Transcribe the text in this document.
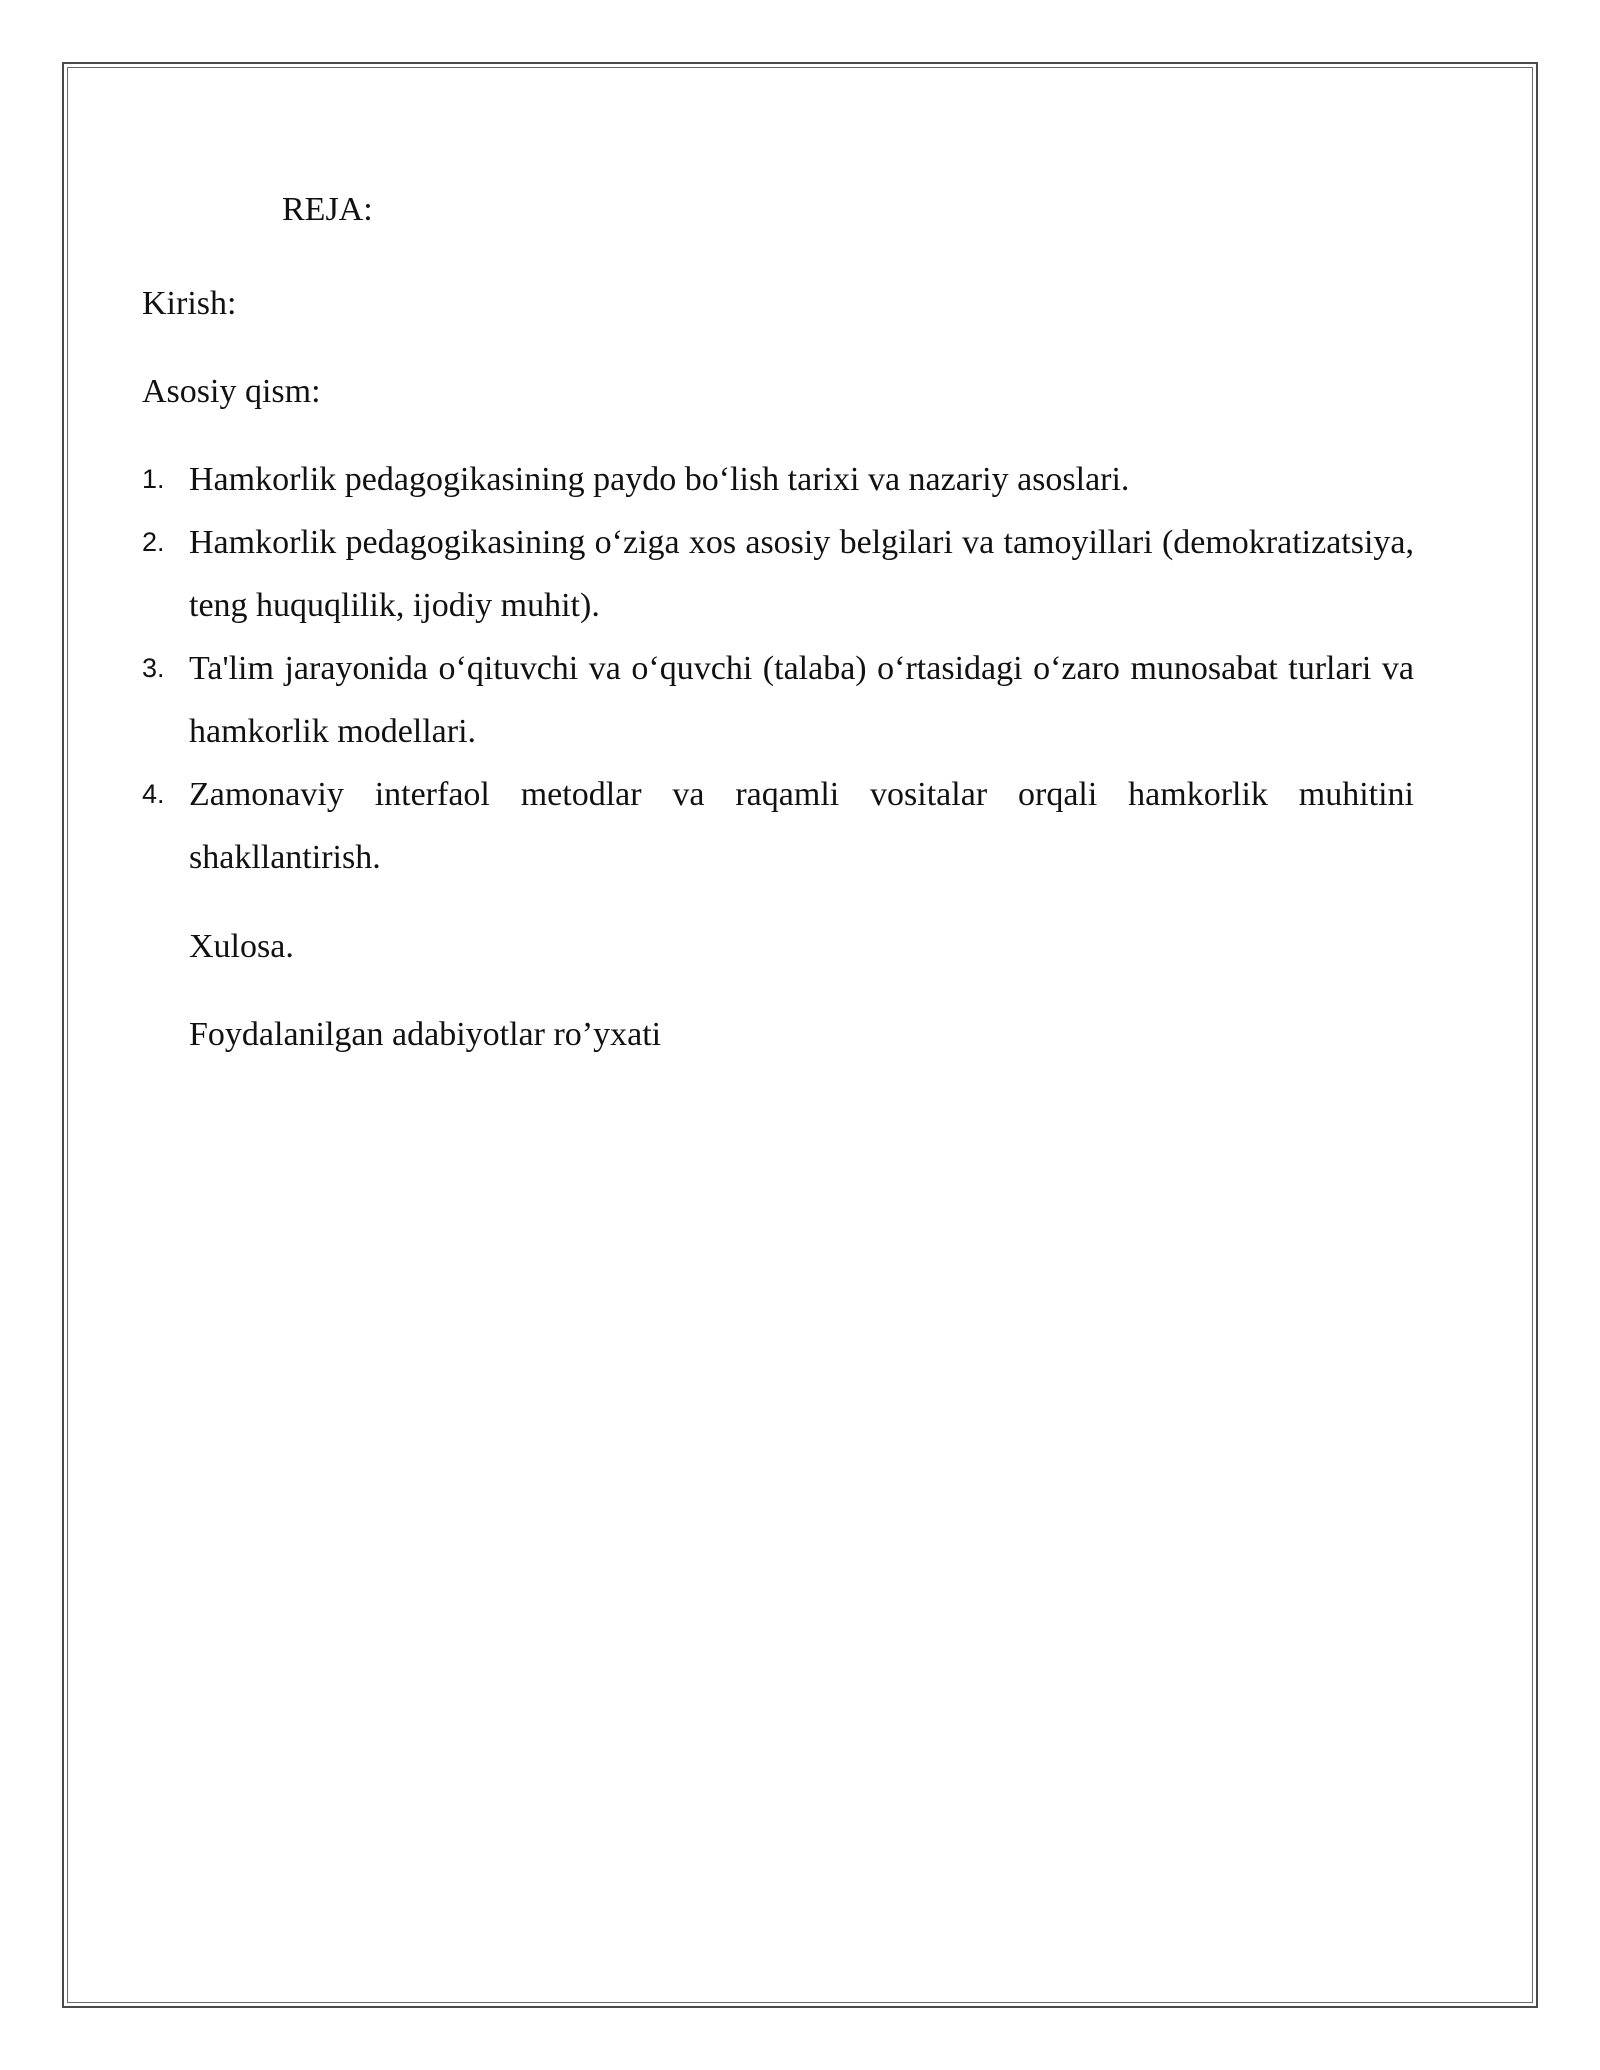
REJA:
Kirish:
Asosiy qism:
1. Hamkorlik pedagogikasining paydo bo‘lish tarixi va nazariy asoslari.
2. Hamkorlik pedagogikasining o‘ziga xos asosiy belgilari va tamoyillari (demokratizatsiya, teng huquqlilik, ijodiy muhit).
3. Ta'lim jarayonida o‘qituvchi va o‘quvchi (talaba) o‘rtasidagi o‘zaro munosabat turlari va hamkorlik modellari.
4. Zamonaviy interfaol metodlar va raqamli vositalar orqali hamkorlik muhitini shakllantirish.
Xulosa.
Foydalanilgan adabiyotlar ro’yxati
